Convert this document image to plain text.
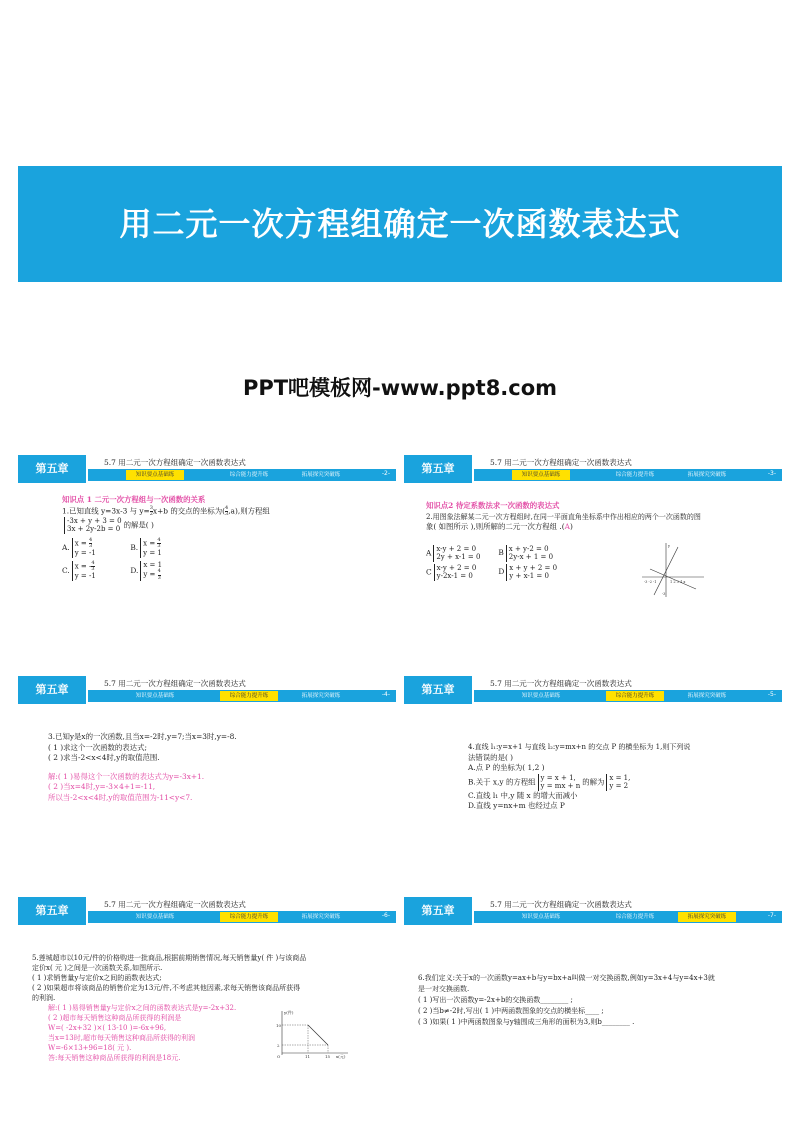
用二元一次方程组确定一次函数表达式
PPT吧模板网-www.ppt8.com
第五章	5.7 用二元一次方程组确定一次函数表达式
知识要点基础练	综合能力提升练	拓展探究突破练	-2-
知识点 1 二元一次方程组与一次函数的关系
1.已知直线 y=3x-3 与 $y= \frac{3}{2} x+b$ 的交点的坐标为( $\frac{4}{3} ,a$),则方程组
-3x + y + 3 = 0
3x + 2y-2b = 0 的解是( )
A. $x = \frac{4}{3}$

y = -1 B. $x = \frac{4}{3}$

y = 1
C. x = - $\frac{4}{3}$

y = -1 D.x = 1
$y = \frac{4}{3}$
第五章	5.7 用二元一次方程组确定一次函数表达式
知识要点基础练	综合能力提升练	拓展探究突破练	-3-
知识点2 待定系数法求一次函数的表达式
2.用图象法解某二元一次方程组时,在同一平面直角坐标系中作出相应的两个一次函数的图
象( 如图所示 ),则所解的二元一次方程组 .(A)
A x-y + 2 = 0
2y + x-1 = 0 B x + y-2 = 0
2y-x + 1 = 0
C x-y + 2 = 0
y-2x-1 = 0	D x + y + 2 = 0
y + x-1 = 0
-3 -2 -1	1 2 3 4 x
y
-3
第五章	5.7 用二元一次方程组确定一次函数表达式
知识要点基础练	综合能力提升练	拓展探究突破练	-4-
3.已知y是x的一次函数,且当x=-2时,y=7;当x=3时,y=-8.
( 1 )求这个一次函数的表达式;
( 2 )求当-2<x<4时,y的取值范围.
解:( 1 )易得这个一次函数的表达式为y=-3x+1.
( 2 )当x=4时,y=-3×4+1=-11,
所以当-2<x<4时,y的取值范围为-11<y<7.
第五章	5.7 用二元一次方程组确定一次函数表达式
知识要点基础练	综合能力提升练	拓展探究突破练	-5-
4.直线 l₁:y=x+1 与直线 l₂:y=mx+n 的交点 P 的横坐标为 1,则下列说
法错误的是( )
A.点 P 的坐标为( 1,2 )
B.关于 x,y 的方程组 y = x + 1,
y = mx + n 的解为 x = 1,
y = 2
C.直线 l₁ 中,y 随 x 的增大而减小
D.直线 y=nx+m 也经过点 P
第五章	5.7 用二元一次方程组确定一次函数表达式
知识要点基础练	综合能力提升练	拓展探究突破练	-6-
5.莲城超市以10元/件的价格购进一批商品,根据前期销售情况,每天销售量y( 件 )与该商品
定价x( 元 )之间是一次函数关系,如图所示.
( 1 )求销售量y与定价x之间的函数表达式;
( 2 )如果超市将该商品的销售价定为13元/件,不考虑其他因素,求每天销售该商品所获得
的利润.
解:( 1 )易得销售量y与定价x之间的函数表达式是y=-2x+32.
( 2 )超市每天销售这种商品所获得的利润是
W=( -2x+32 )×( 13-10 )=-6x+96,
当x=13时,超市每天销售这种商品所获得的利润
W=-6×13+96=18( 元 ).
答:每天销售这种商品所获得的利润是18元.
y(件)
x(元)
10
2
11	15
O
第五章	5.7 用二元一次方程组确定一次函数表达式
知识要点基础练	综合能力提升练	拓展探究突破练	-7-
6.我们定义:关于x的一次函数y=ax+b与y=bx+a叫做一对交换函数,例如y=3x+4与y=4x+3就
是一对交换函数.
( 1 )写出一次函数y=-2x+b的交换函数________ ;
( 2 )当b≠-2时,写出( 1 )中两函数图象的交点的横坐标____ ;
( 3 )如果( 1 )中两函数图象与y轴围成三角形的面积为3,则b________ .
